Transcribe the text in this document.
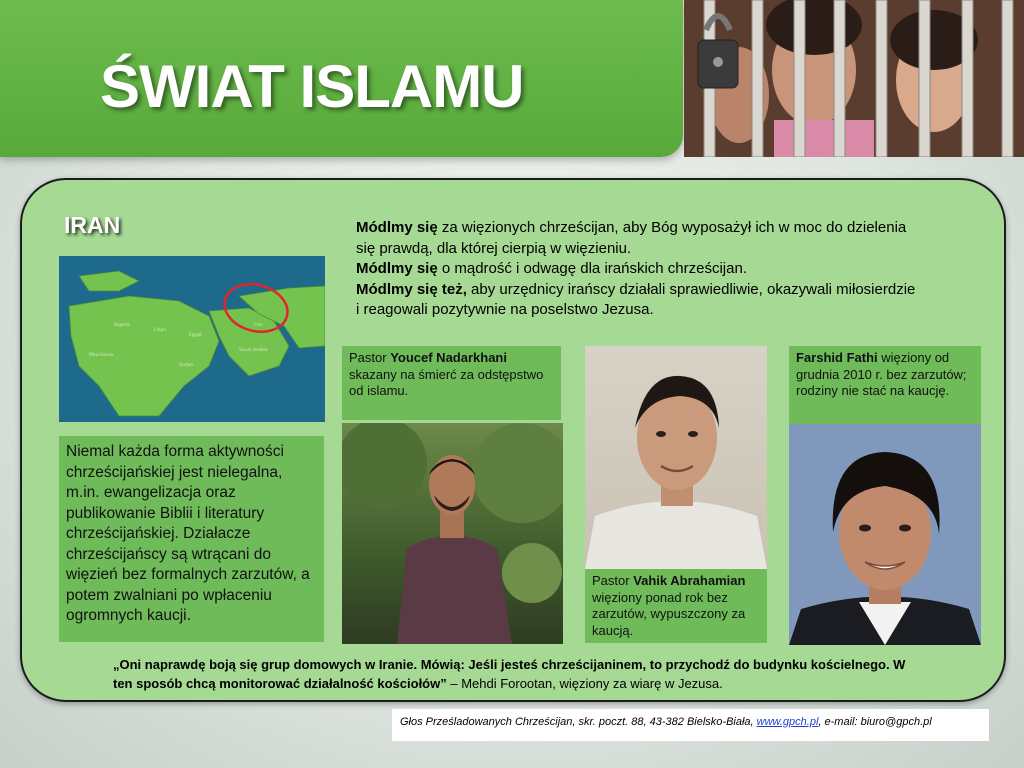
ŚWIAT ISLAMU
IRAN
Algeria
Libya
Egypt
Iran
Saudi Arabia
Mauritania
Sudan
Módlmy się za więzionych chrześcijan, aby Bóg wyposażył ich w moc do dzielenia się prawdą, dla której cierpią w więzieniu.
Módlmy się o mądrość i odwagę dla irańskich chrześcijan.
Módlmy się też, aby urzędnicy irańscy działali sprawiedliwie, okazywali miłosierdzie i reagowali pozytywnie na poselstwo Jezusa.
Niemal każda forma aktywności chrześcijańskiej jest nielegalna, m.in. ewangelizacja oraz publikowanie Biblii i literatury chrześcijańskiej. Działacze chrześcijańscy są wtrącani do więzień bez formalnych zarzutów, a potem zwalniani po wpłaceniu ogromnych kaucji.
Pastor Youcef Nadarkhani skazany na śmierć za odstępstwo od islamu.
Pastor Vahik Abrahamian więziony ponad rok bez zarzutów, wypuszczony za kaucją.
Farshid Fathi więziony od grudnia 2010 r. bez zarzutów; rodziny nie stać na kaucję.
„Oni naprawdę boją się grup domowych w Iranie. Mówią: Jeśli jesteś chrześcijaninem, to przychodź do budynku kościelnego. W ten sposób chcą monitorować działalność kościołów” – Mehdi Forootan, więziony za wiarę w Jezusa.
Głos Prześladowanych Chrześcijan, skr. poczt. 88, 43-382 Bielsko-Biała, www.gpch.pl, e-mail: biuro@gpch.pl
